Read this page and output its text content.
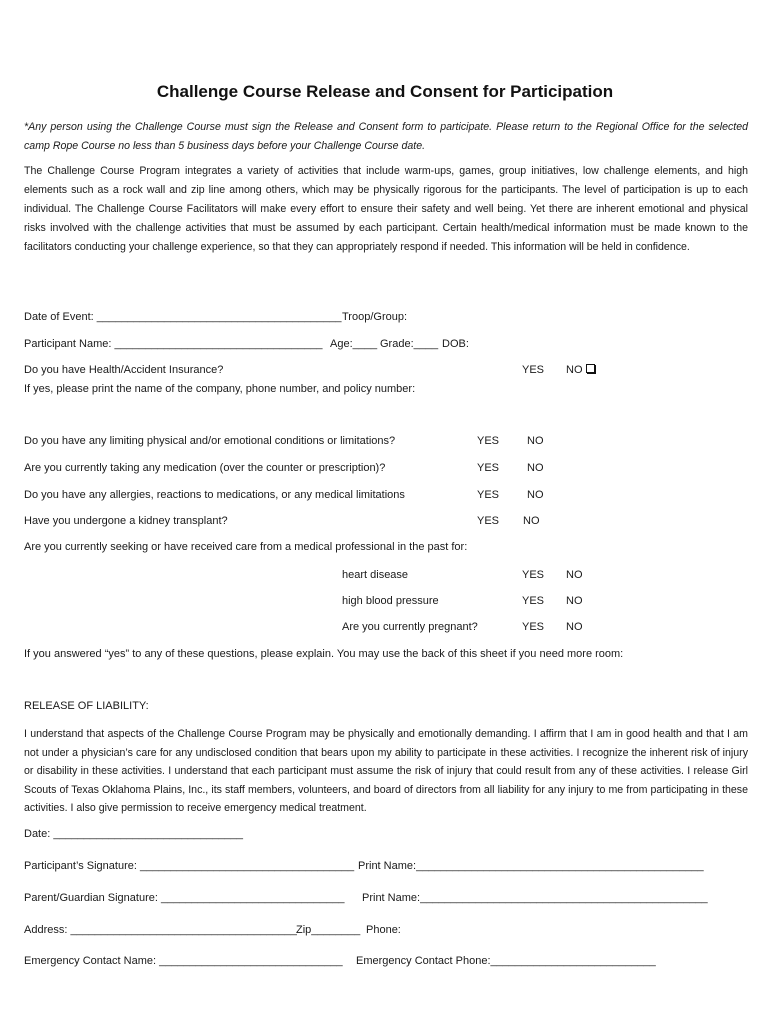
Challenge Course Release and Consent for Participation
*Any person using the Challenge Course must sign the Release and Consent form to participate. Please return to the Regional Office for the selected camp Rope Course no less than 5 business days before your Challenge Course date.
The Challenge Course Program integrates a variety of activities that include warm-ups, games, group initiatives, low challenge elements, and high elements such as a rock wall and zip line among others, which may be physically rigorous for the participants. The level of participation is up to each individual. The Challenge Course Facilitators will make every effort to ensure their safety and well being. Yet there are inherent emotional and physical risks involved with the challenge activities that must be assumed by each participant. Certain health/medical information must be made known to the facilitators conducting your challenge experience, so that they can appropriately respond if needed. This information will be held in confidence.
Date of Event: ________________________________________ Troop/Group:
Participant Name: __________________________________ Age:____ Grade:____ DOB:
Do you have Health/Accident Insurance?	YES NO
If yes, please print the name of the company, phone number, and policy number:
Do you have any limiting physical and/or emotional conditions or limitations?	YES	NO
Are you currently taking any medication (over the counter or prescription)?	YES	NO
Do you have any allergies, reactions to medications, or any medical limitations	YES	NO
Have you undergone a kidney transplant?	YES NO
Are you currently seeking or have received care from a medical professional in the past for:
heart disease	YES NO
high blood pressure	YES NO
Are you currently pregnant?	YES NO
If you answered “yes” to any of these questions, please explain. You may use the back of this sheet if you need more room:
RELEASE OF LIABILITY:
I understand that aspects of the Challenge Course Program may be physically and emotionally demanding. I affirm that I am in good health and that I am not under a physician’s care for any undisclosed condition that bears upon my ability to participate in these activities. I recognize the inherent risk of injury or disability in these activities. I understand that each participant must assume the risk of injury that could result from any of these activities. I release Girl Scouts of Texas Oklahoma Plains, Inc., its staff members, volunteers, and board of directors from all liability for any injury to me from participating in these activities. I also give permission to receive emergency medical treatment.
Date: _______________________________
Participant’s Signature: ___________________________________ Print Name:_______________________________________________
Parent/Guardian Signature: ______________________________ Print Name:_______________________________________________
Address: _____________________________________ Zip________ Phone:
Emergency Contact Name: ______________________________ Emergency Contact Phone:___________________________
